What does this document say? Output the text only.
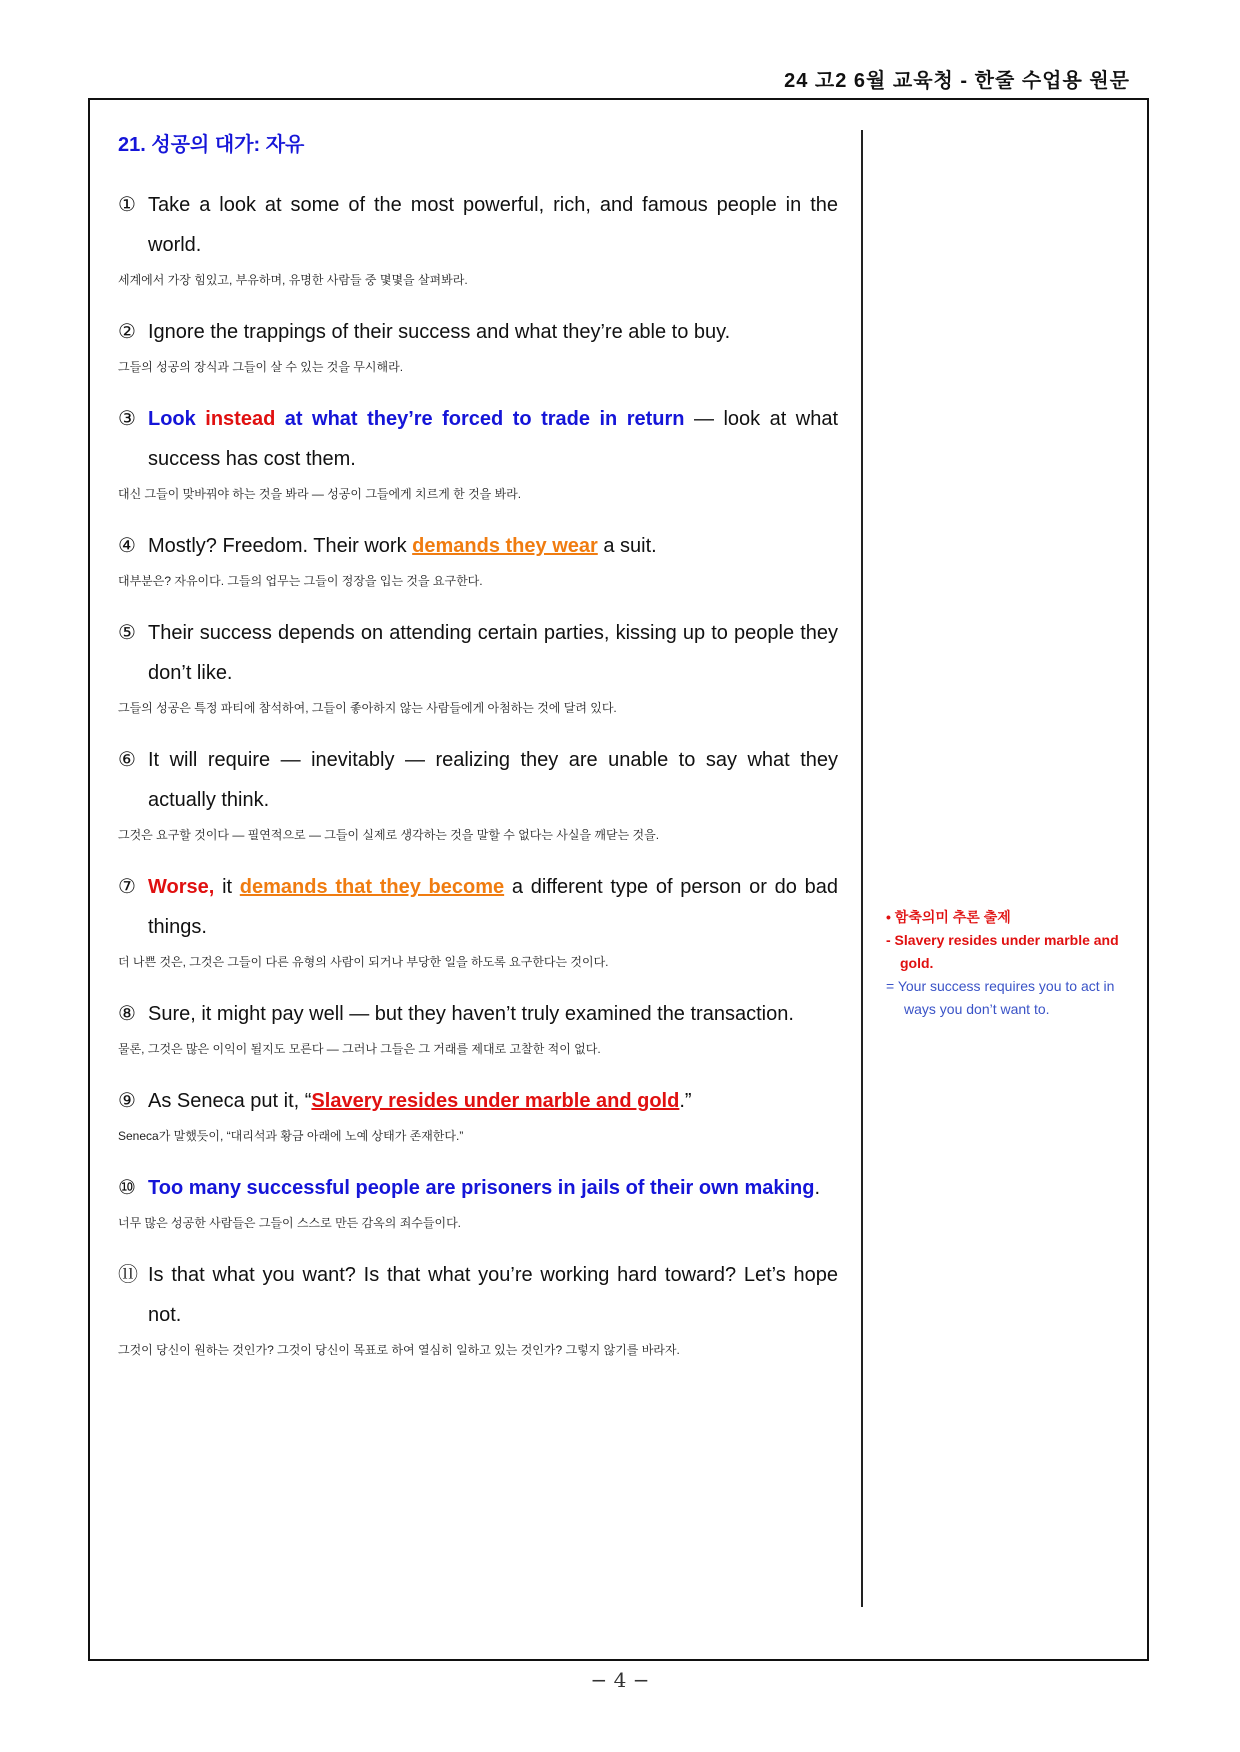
24 고2 6월 교육청 - 한줄 수업용 원문
21. 성공의 대가: 자유
① Take a look at some of the most powerful, rich, and famous people in the world.
세계에서 가장 힘있고, 부유하며, 유명한 사람들 중 몇몇을 살펴봐라.
② Ignore the trappings of their success and what they’re able to buy.
그들의 성공의 장식과 그들이 살 수 있는 것을 무시해라.
③ Look instead at what they’re forced to trade in return — look at what success has cost them.
대신 그들이 맞바꿔야 하는 것을 봐라 — 성공이 그들에게 치르게 한 것을 봐라.
④ Mostly? Freedom. Their work demands they wear a suit.
대부분은? 자유이다. 그들의 업무는 그들이 정장을 입는 것을 요구한다.
⑤ Their success depends on attending certain parties, kissing up to people they don’t like.
그들의 성공은 특정 파티에 참석하여, 그들이 좋아하지 않는 사람들에게 아첨하는 것에 달려 있다.
⑥ It will require — inevitably — realizing they are unable to say what they actually think.
그것은 요구할 것이다 — 필연적으로 — 그들이 실제로 생각하는 것을 말할 수 없다는 사실을 깨닫는 것을.
⑦ Worse, it demands that they become a different type of person or do bad things.
더 나쁜 것은, 그것은 그들이 다른 유형의 사람이 되거나 부당한 일을 하도록 요구한다는 것이다.
⑧ Sure, it might pay well — but they haven’t truly examined the transaction.
물론, 그것은 많은 이익이 될지도 모른다 — 그러나 그들은 그 거래를 제대로 고찰한 적이 없다.
⑨ As Seneca put it, “Slavery resides under marble and gold.”
Seneca가 말했듯이, “대리석과 황금 아래에 노예 상태가 존재한다.”
⑩ Too many successful people are prisoners in jails of their own making.
너무 많은 성공한 사람들은 그들이 스스로 만든 감옥의 죄수들이다.
⑪ Is that what you want? Is that what you’re working hard toward? Let’s hope not.
그것이 당신이 원하는 것인가? 그것이 당신이 목표로 하여 열심히 일하고 있는 것인가? 그렇지 않기를 바라자.
• 함축의미 추론 출제
- Slavery resides under marble and gold.
= Your success requires you to act in ways you don’t want to.
− 4 −
